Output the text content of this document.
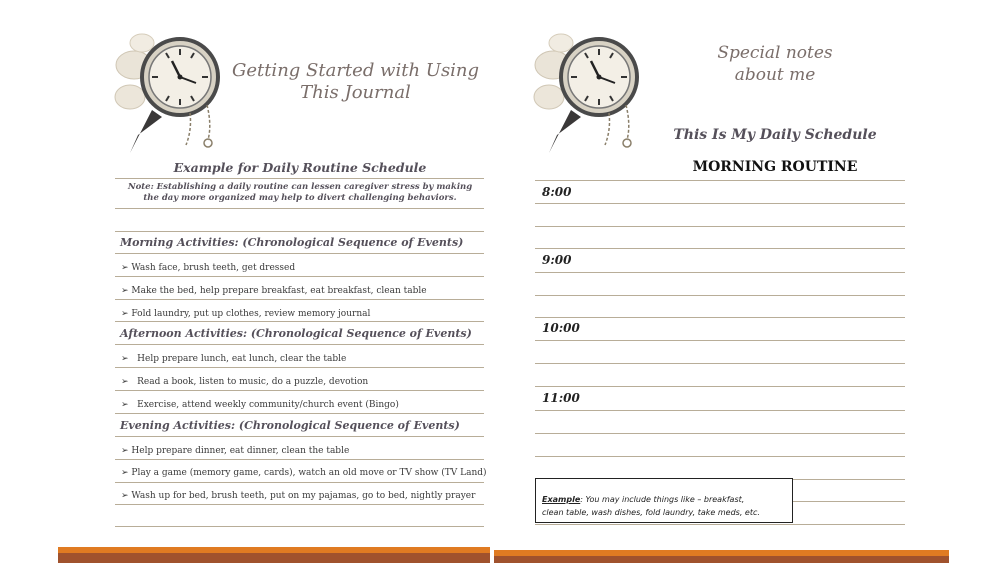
Getting Started with Using
This Journal
Example for Daily Routine Schedule
Note: Establishing a daily routine can lessen caregiver stress by making
the day more organized may help to divert challenging behaviors.
Morning Activities: (Chronological Sequence of Events)
➢ Wash face, brush teeth, get dressed
➢ Make the bed, help prepare breakfast, eat breakfast, clean table
➢ Fold laundry, put up clothes, review memory journal
Afternoon Activities: (Chronological Sequence of Events)
➢ Help prepare lunch, eat lunch, clear the table
➢ Read a book, listen to music, do a puzzle, devotion
➢ Exercise, attend weekly community/church event (Bingo)
Evening Activities: (Chronological Sequence of Events)
➢ Help prepare dinner, eat dinner, clean the table
➢ Play a game (memory game, cards), watch an old move or TV show (TV Land)
➢ Wash up for bed, brush teeth, put on my pajamas, go to bed, nightly prayer
Special notes
about me
This Is My Daily Schedule
MORNING ROUTINE
8:00
9:00
10:00
11:00
Example: You may include things like – breakfast,
clean table, wash dishes, fold laundry, take meds, etc.
